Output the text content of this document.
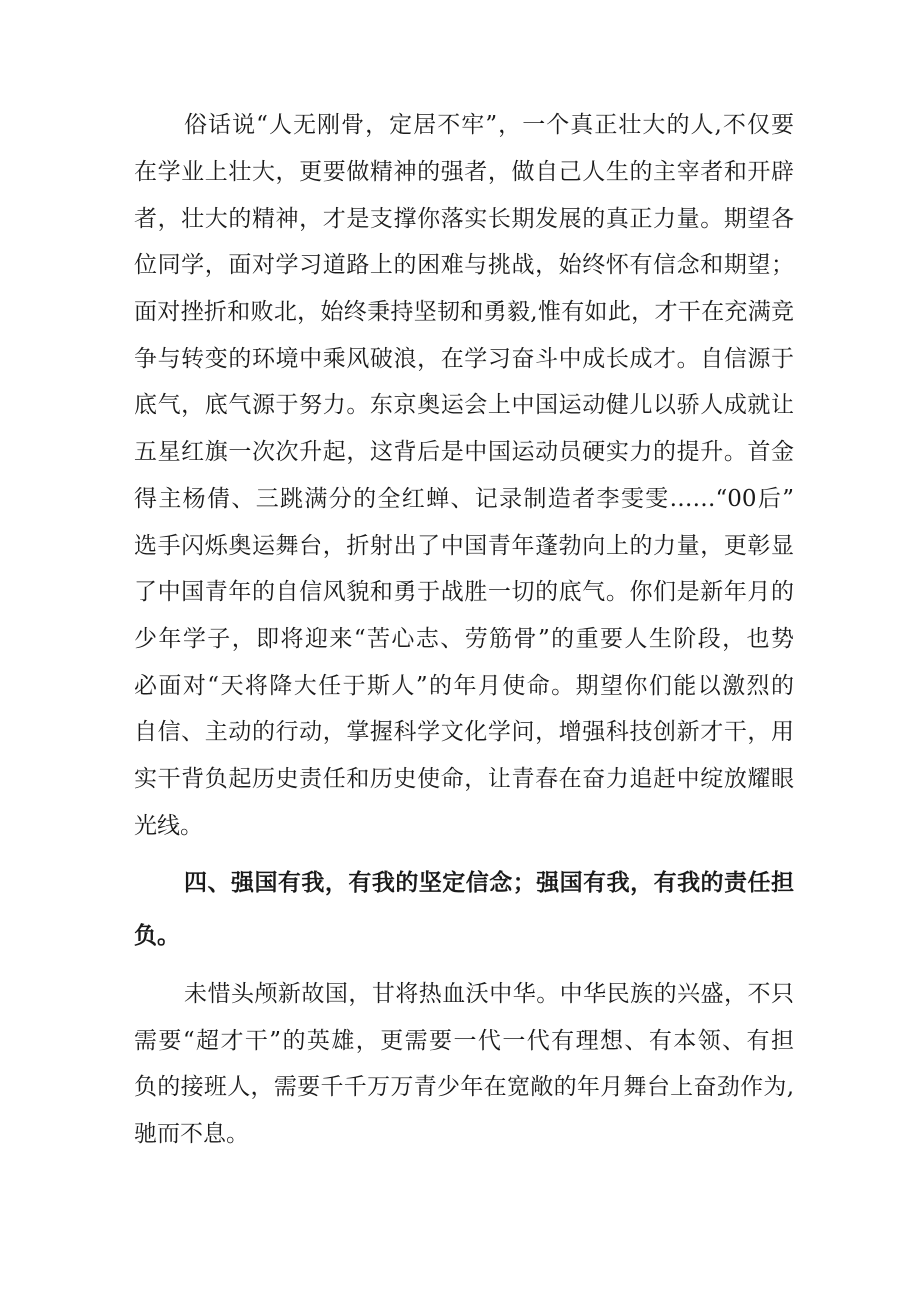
俗话说“人无刚骨，定居不牢”，一个真正壮大的人,不仅要
在学业上壮大，更要做精神的强者，做自己人生的主宰者和开辟
者，壮大的精神，才是支撑你落实长期发展的真正力量。期望各
位同学，面对学习道路上的困难与挑战，始终怀有信念和期望；
面对挫折和败北，始终秉持坚韧和勇毅,惟有如此，才干在充满竞
争与转变的环境中乘风破浪，在学习奋斗中成长成才。自信源于
底气，底气源于努力。东京奥运会上中国运动健儿以骄人成就让
五星红旗一次次升起，这背后是中国运动员硬实力的提升。首金
得主杨倩、三跳满分的全红蝉、记录制造者李雯雯……“00后”
选手闪烁奥运舞台，折射出了中国青年蓬勃向上的力量，更彰显
了中国青年的自信风貌和勇于战胜一切的底气。你们是新年月的
少年学子，即将迎来“苦心志、劳筋骨”的重要人生阶段，也势
必面对“天将降大任于斯人”的年月使命。期望你们能以激烈的
自信、主动的行动，掌握科学文化学问，增强科技创新才干，用
实干背负起历史责任和历史使命，让青春在奋力追赶中绽放耀眼
光线。
四、强国有我，有我的坚定信念；强国有我，有我的责任担
负。
未惜头颅新故国，甘将热血沃中华。中华民族的兴盛，不只
需要“超才干”的英雄，更需要一代一代有理想、有本领、有担
负的接班人，需要千千万万青少年在宽敞的年月舞台上奋劲作为,
驰而不息。
